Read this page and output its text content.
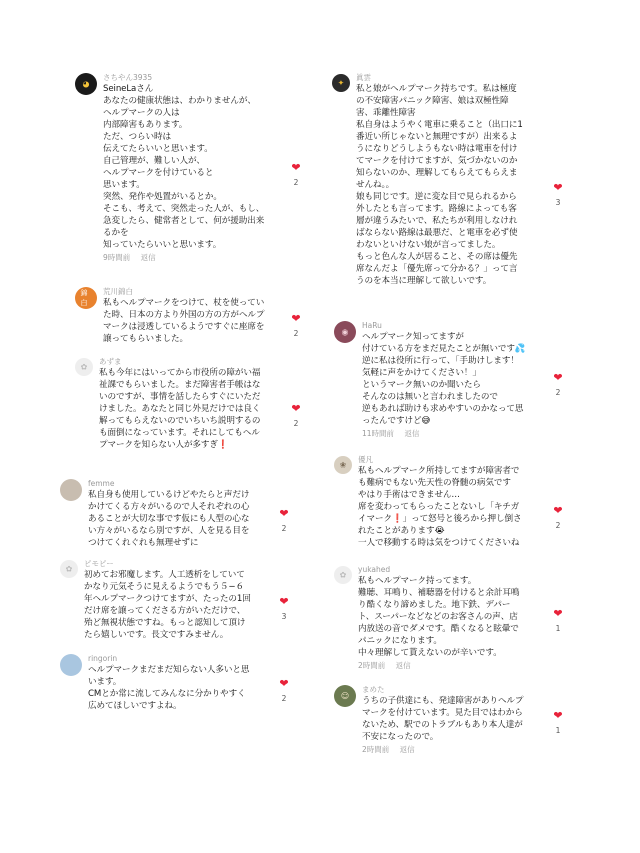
◕
さちやん3935
SeineLaさん
あなたの健康状態は、わかりませんが、
ヘルプマークの人は
内部障害もあります。
ただ、つらい時は
伝えてたらいいと思います。
自己管理が、難しい人が、
ヘルプマークを付けていると
思います。
突然、発作や処置がいるとか。
そこも、考えて、突然走った人が、もし、
急変したら、健常者として、何が援助出来
るかを
知っていたらいいと思います。
9時間前 返信
❤
2
錦白
荒川錦白
私もヘルプマークをつけて、杖を使ってい
た時、日本の方より外国の方の方がヘルプ
マークは浸透しているようですぐに座席を
譲ってもらいました。
❤
2
✿
あずま
私も今年にはいってから市役所の障がい福
祉課でもらいました。まだ障害者手帳はな
いのですが、事情を話したらすぐにいただ
けました。あなたと同じ外見だけでは良く
解ってもらえないのでいちいち説明するの
も面倒になっています。それにしてもヘル
プマークを知らない人が多すぎ❗
❤
2
femme
私自身も使用しているけどやたらと声だけ
かけてくる方々がいるので人それぞれの心
あることが大切な事です仮にも人型の心な
い方々がいるなら別ですが、人を見る目を
つけてくれぐれも無理せずに
❤
2
✿
ピモピー
初めてお邪魔します。人工透析をしていて
かなり元気そうに見えるようでもう５−６
年ヘルプマークつけてますが、たったの1回
だけ席を譲ってくださる方がいただけで、
殆ど無視状態ですね。もっと認知して頂け
たら嬉しいです。長文ですみません。
❤
3
ringorin
ヘルプマークまだまだ知らない人多いと思
います。
CMとか常に流してみんなに分かりやすく
広めてほしいですよね。
❤
2
✦
眞雲
私と娘がヘルプマーク持ちです。私は極度
の不安障害パニック障害、娘は双極性障
害、乖離性障害
私自身はようやく電車に乗ること（出口に1
番近い所じゃないと無理ですが）出来るよ
うになりどうしようもない時は電車を付け
てマークを付けてますが、気づかないのか
知らないのか、理解してもらえてもらえま
せんね。。
娘も同じです。逆に変な目で見られるから
外したとも言ってます。路線によっても客
層が違うみたいで、私たちが利用しなけれ
ばならない路線は最悪だ、と電車を必ず使
わないといけない娘が言ってました。
もっと色んな人が居ること、その席は優先
席なんだよ「優先席って分かる？」って言
うのを本当に理解して欲しいです。
❤
3
◉
HaRu
ヘルプマーク知ってますが
付けている方をまだ見たことが無いです💦
逆に私は役所に行って、「手助けします！
気軽に声をかけてください！」
というマーク無いのか聞いたら
そんなのは無いと言われましたので
逆もあれば助けも求めやすいのかなって思
ったんですけど😅
11時間前 返信
❤
2
❀
優凡
私もヘルプマーク所持してますが障害者で
も難病でもない先天性の脊髄の病気です
やはり手術はできません…
席を変わってもらったことないし「キチガ
イマーク❗」って怒号と後ろから押し倒さ
れたことがあります😭
一人で移動する時は気をつけてくださいね
❤
2
✿
yukahed
私もヘルプマーク持ってます。
難聴、耳鳴り、補聴器を付けると余計耳鳴
り酷くなり諦めました。地下鉄、デパー
ト、スーパーなどなどのお客さんの声、店
内放送の音でダメです。酷くなると眩暈で
パニックになります。
中々理解して貰えないのが辛いです。
2時間前 返信
❤
1
☺
まめた
うちの子供達にも、発達障害がありヘルプ
マークを付けています。見た目ではわから
ないため、駅でのトラブルもあり本人達が
不安になったので。
2時間前 返信
❤
1
